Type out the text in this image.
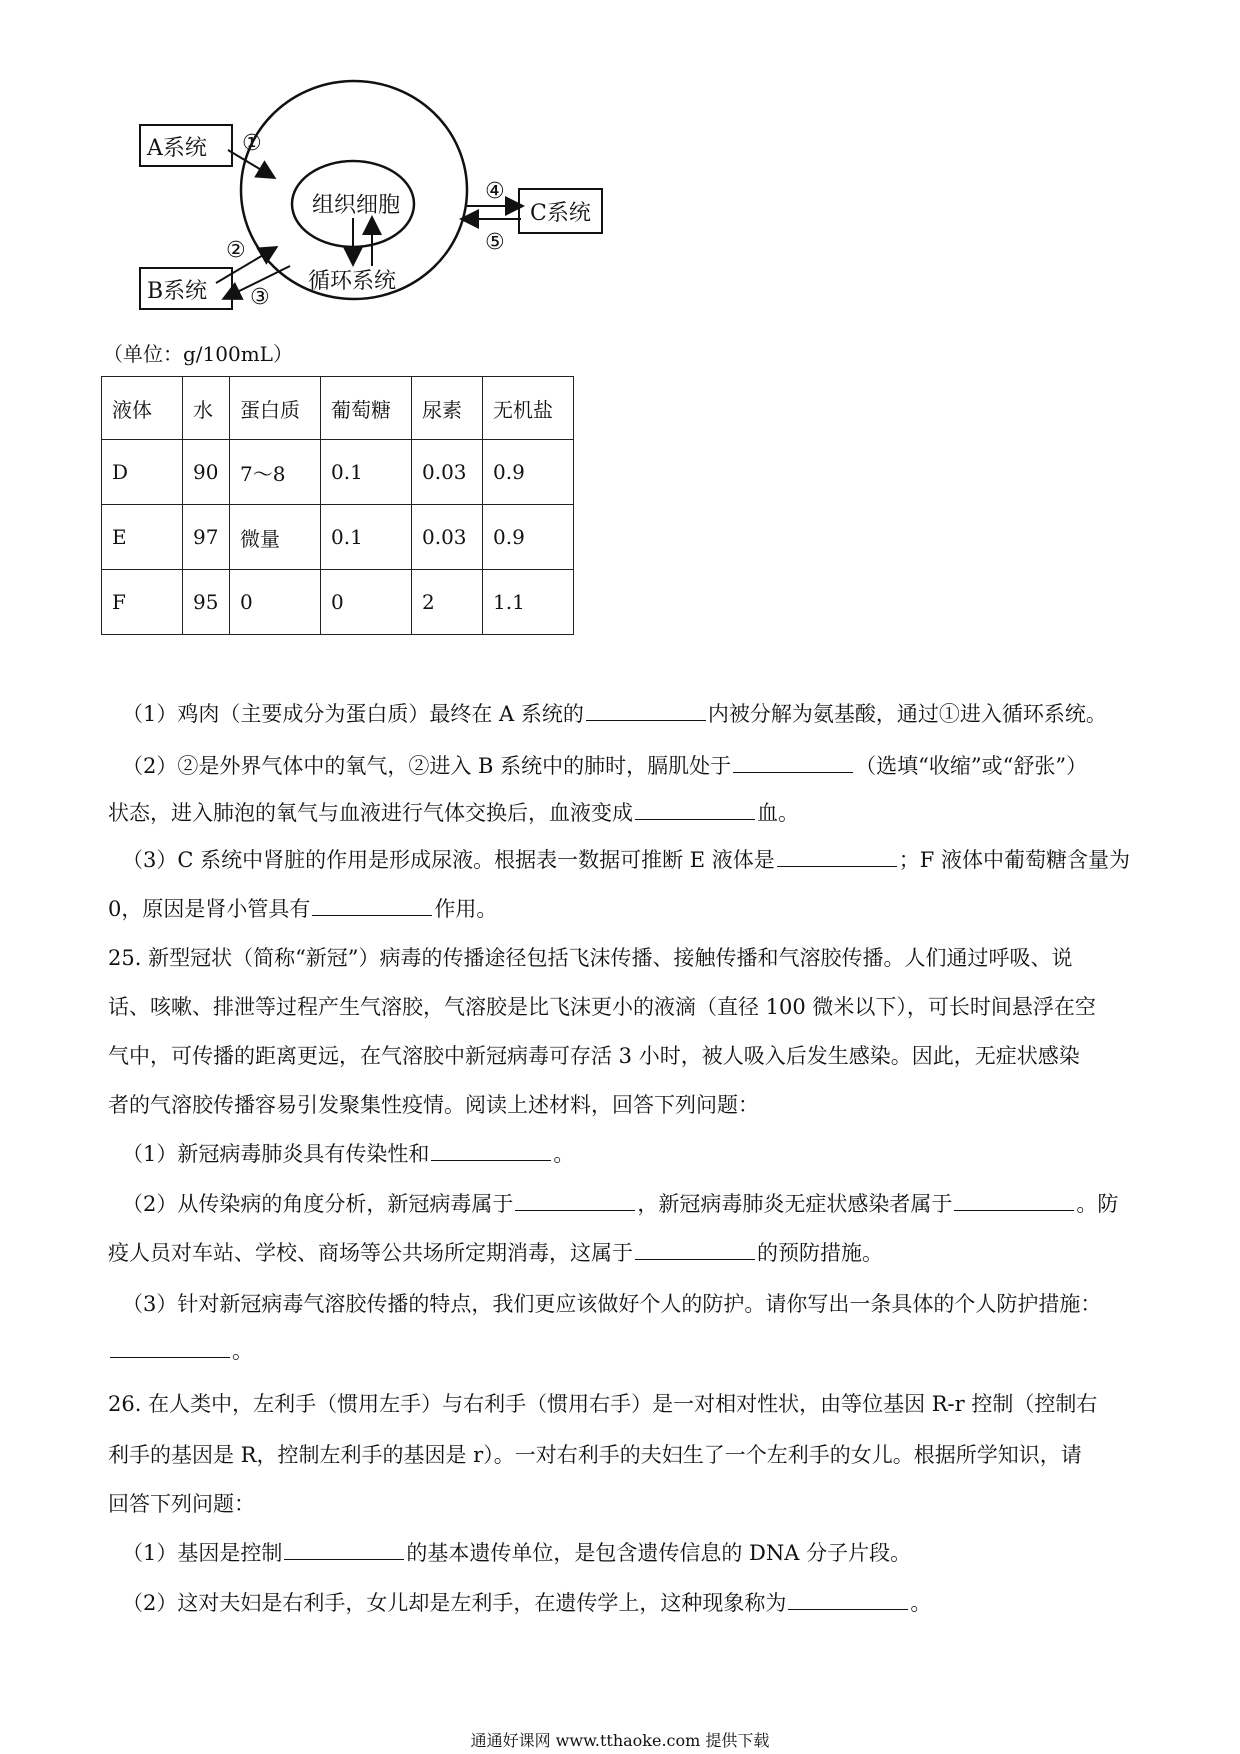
A系统
B系统
C系统
组织细胞
循环系统
①
②
③
④
⑤
（单位：g/100mL）
液体	水	蛋白质	葡萄糖	尿素	无机盐
D	90	7～8	0.1	0.03	0.9
E	97	微量	0.1	0.03	0.9
F	95	0	0	2	1.1
（1）鸡肉（主要成分为蛋白质）最终在 A 系统的	内被分解为氨基酸，通过①进入循环系统。
（2）②是外界气体中的氧气，②进入 B 系统中的肺时，膈肌处于	（选填“收缩”或“舒张”）
状态，进入肺泡的氧气与血液进行气体交换后，血液变成	血。
（3）C 系统中肾脏的作用是形成尿液。根据表一数据可推断 E 液体是	；F 液体中葡萄糖含量为
0，原因是肾小管具有	作用。
25. 新型冠状（简称“新冠”）病毒的传播途径包括飞沫传播、接触传播和气溶胶传播。人们通过呼吸、说
话、咳嗽、排泄等过程产生气溶胶，气溶胶是比飞沫更小的液滴（直径 100 微米以下），可长时间悬浮在空
气中，可传播的距离更远，在气溶胶中新冠病毒可存活 3 小时，被人吸入后发生感染。因此，无症状感染
者的气溶胶传播容易引发聚集性疫情。阅读上述材料，回答下列问题：
（1）新冠病毒肺炎具有传染性和	。
（2）从传染病的角度分析，新冠病毒属于	，新冠病毒肺炎无症状感染者属于	。防
疫人员对车站、学校、商场等公共场所定期消毒，这属于	的预防措施。
（3）针对新冠病毒气溶胶传播的特点，我们更应该做好个人的防护。请你写出一条具体的个人防护措施：
。
26. 在人类中，左利手（惯用左手）与右利手（惯用右手）是一对相对性状，由等位基因 R-r 控制（控制右
利手的基因是 R，控制左利手的基因是 r）。一对右利手的夫妇生了一个左利手的女儿。根据所学知识，请
回答下列问题：
（1）基因是控制	的基本遗传单位，是包含遗传信息的 DNA 分子片段。
（2）这对夫妇是右利手，女儿却是左利手，在遗传学上，这种现象称为	。
通通好课网 www.tthaoke.com 提供下载
